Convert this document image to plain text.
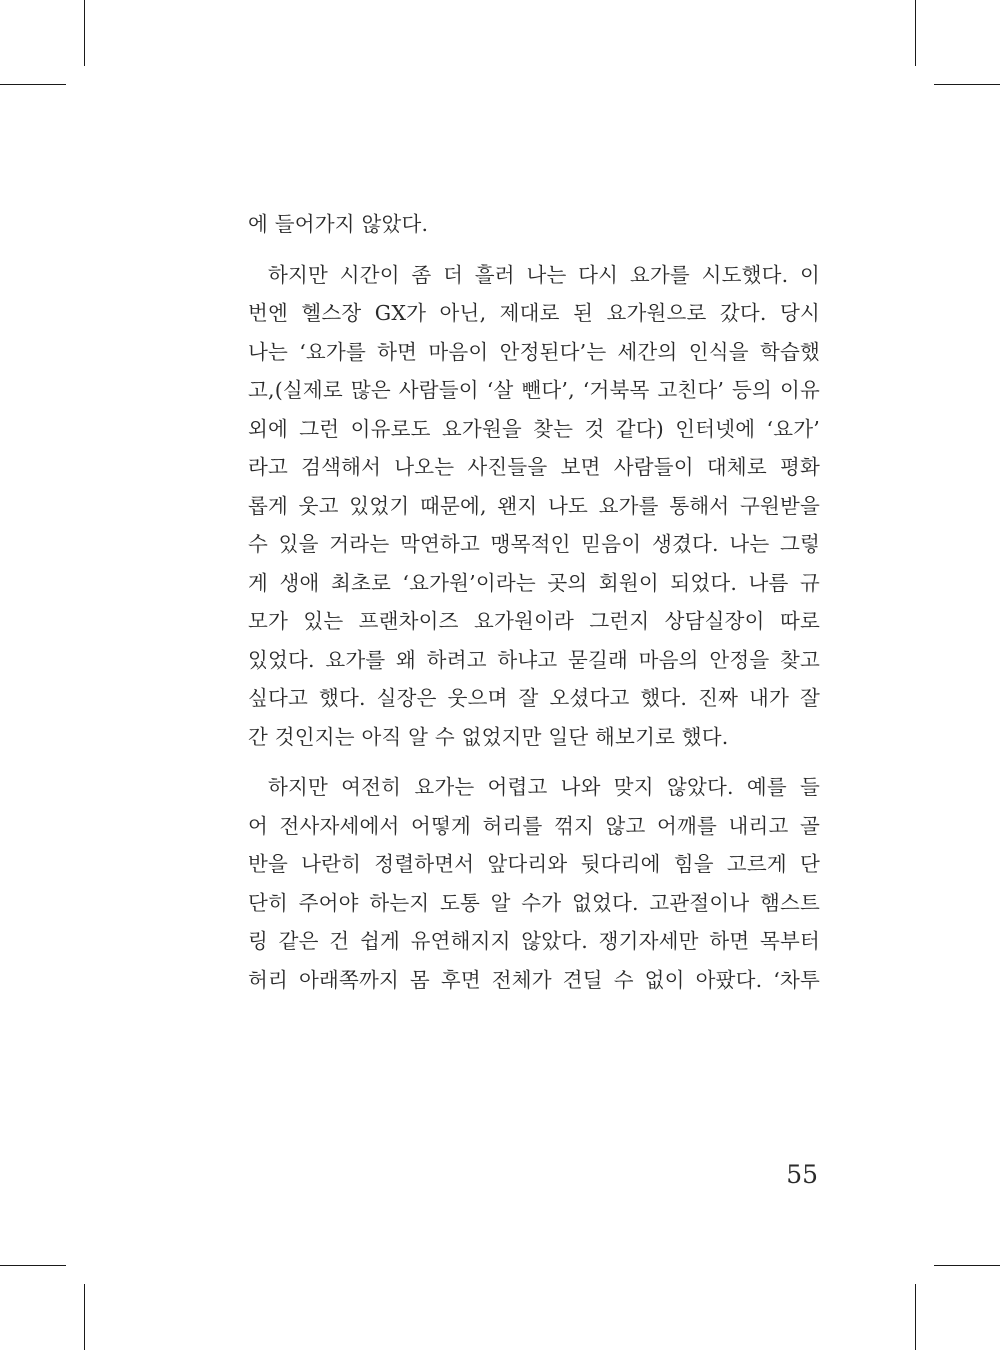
에 들어가지 않았다.
하지만 시간이 좀 더 흘러 나는 다시 요가를 시도했다. 이
번엔 헬스장 GX가 아닌, 제대로 된 요가원으로 갔다. 당시
나는 ‘요가를 하면 마음이 안정된다’는 세간의 인식을 학습했
고,(실제로 많은 사람들이 ‘살 뺀다’, ‘거북목 고친다’ 등의 이유
외에 그런 이유로도 요가원을 찾는 것 같다) 인터넷에 ‘요가’
라고 검색해서 나오는 사진들을 보면 사람들이 대체로 평화
롭게 웃고 있었기 때문에, 왠지 나도 요가를 통해서 구원받을
수 있을 거라는 막연하고 맹목적인 믿음이 생겼다. 나는 그렇
게 생애 최초로 ‘요가원’이라는 곳의 회원이 되었다. 나름 규
모가 있는 프랜차이즈 요가원이라 그런지 상담실장이 따로
있었다. 요가를 왜 하려고 하냐고 묻길래 마음의 안정을 찾고
싶다고 했다. 실장은 웃으며 잘 오셨다고 했다. 진짜 내가 잘
간 것인지는 아직 알 수 없었지만 일단 해보기로 했다.
하지만 여전히 요가는 어렵고 나와 맞지 않았다. 예를 들
어 전사자세에서 어떻게 허리를 꺾지 않고 어깨를 내리고 골
반을 나란히 정렬하면서 앞다리와 뒷다리에 힘을 고르게 단
단히 주어야 하는지 도통 알 수가 없었다. 고관절이나 햄스트
링 같은 건 쉽게 유연해지지 않았다. 쟁기자세만 하면 목부터
허리 아래쪽까지 몸 후면 전체가 견딜 수 없이 아팠다. ‘차투
55
